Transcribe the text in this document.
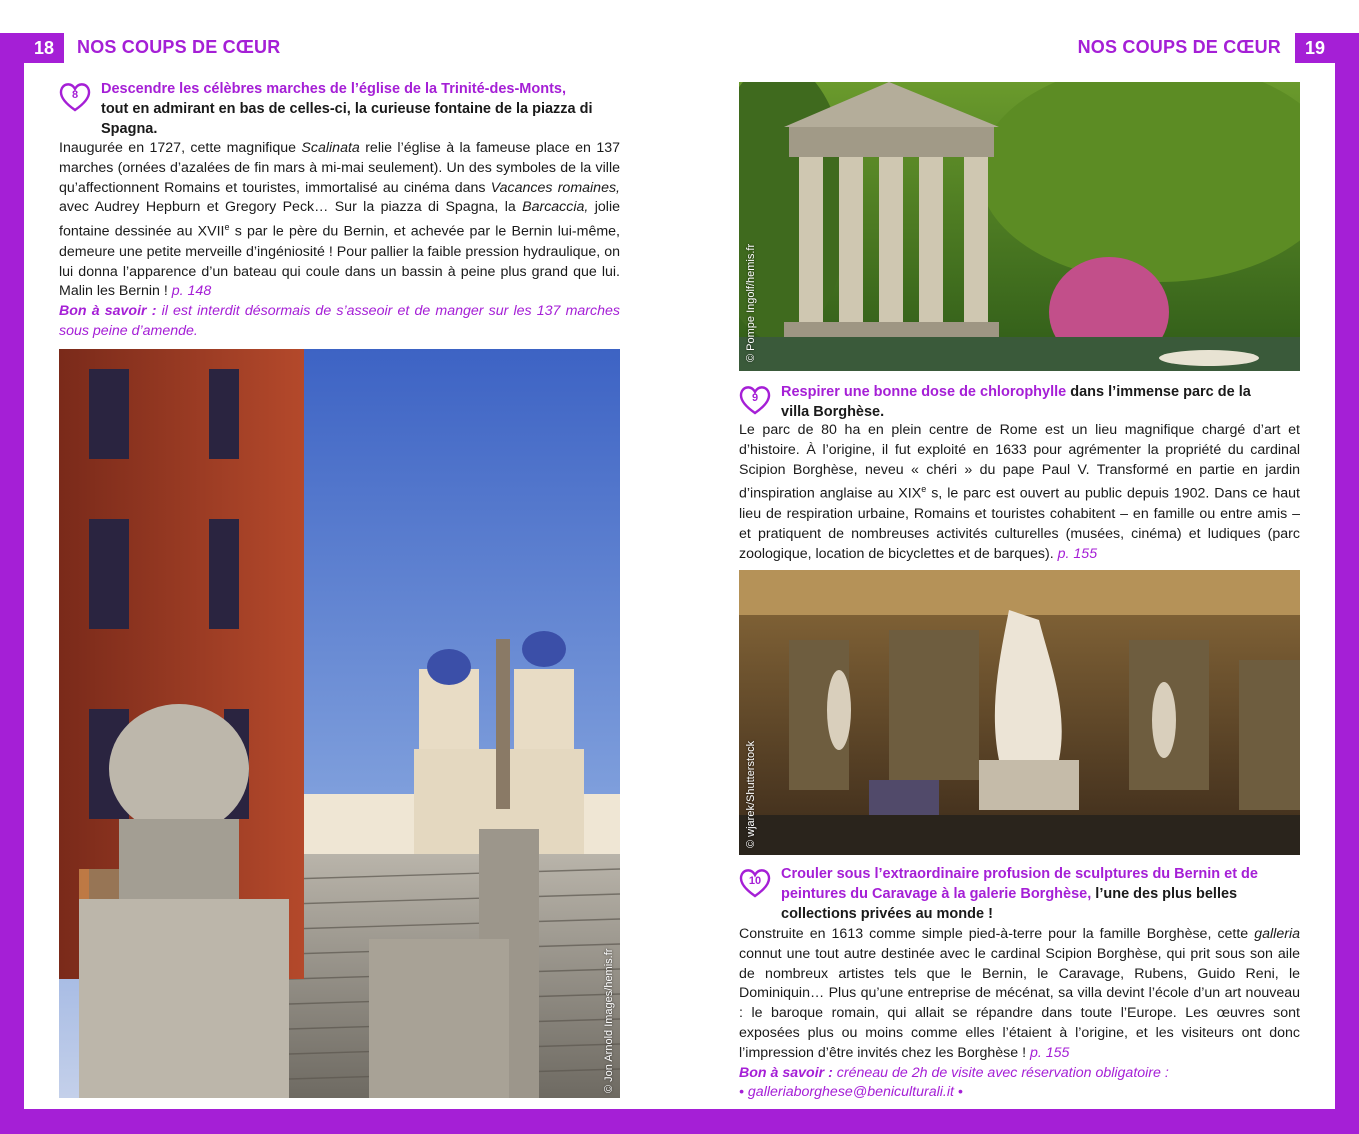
18	NOS COUPS DE CŒUR	NOS COUPS DE CŒUR	19
8	Descendre les célèbres marches de l’église de la Trinité-des-Monts,
tout en admirant en bas de celles-ci, la curieuse fontaine de la piazza di Spagna.
Inaugurée en 1727, cette magnifique Scalinata relie l’église à la fameuse place en 137 marches (ornées d’azalées de fin mars à mi-mai seulement). Un des symboles de la ville qu’affectionnent Romains et touristes, immortalisé au cinéma dans Vacances romaines, avec Audrey Hepburn et Gregory Peck… Sur la piazza di Spagna, la Barcaccia, jolie fontaine dessinée au XVIIe s par le père du Bernin, et achevée par le Bernin lui-même, demeure une petite merveille d’ingéniosité ! Pour pallier la faible pression hydraulique, on lui donna l’apparence d’un bateau qui coule dans un bassin à peine plus grand que lui. Malin les Bernin ! p. 148
Bon à savoir : il est interdit désormais de s’asseoir et de manger sur les 137 marches sous peine d’amende.
© Jon Arnold Images/hemis.fr
© Pompe Ingolf/hemis.fr
9	Respirer une bonne dose de chlorophylle dans l’immense parc de la villa Borghèse.
Le parc de 80 ha en plein centre de Rome est un lieu magnifique chargé d’art et d’histoire. À l’origine, il fut exploité en 1633 pour agrémenter la propriété du cardinal Scipion Borghèse, neveu « chéri » du pape Paul V. Transformé en partie en jardin d’inspiration anglaise au XIXe s, le parc est ouvert au public depuis 1902. Dans ce haut lieu de respiration urbaine, Romains et touristes cohabitent – en famille ou entre amis – et pratiquent de nombreuses activités culturelles (musées, cinéma) et ludiques (parc zoologique, location de bicyclettes et de barques). p. 155
© wjarek/Shutterstock
10	Crouler sous l’extraordinaire profusion de sculptures du Bernin et de peintures du Caravage à la galerie Borghèse, l’une des plus belles collections privées au monde !
Construite en 1613 comme simple pied-à-terre pour la famille Borghèse, cette galleria connut une tout autre destinée avec le cardinal Scipion Borghèse, qui prit sous son aile de nombreux artistes tels que le Bernin, le Caravage, Rubens, Guido Reni, le Dominiquin… Plus qu’une entreprise de mécénat, sa villa devint l’école d’un art nouveau : le baroque romain, qui allait se répandre dans toute l’Europe. Les œuvres sont exposées plus ou moins comme elles l’étaient à l’origine, et les visiteurs ont donc l’impression d’être invités chez les Borghèse ! p. 155
Bon à savoir : créneau de 2h de visite avec réservation obligatoire :
• galleriaborghese@beniculturali.it •
